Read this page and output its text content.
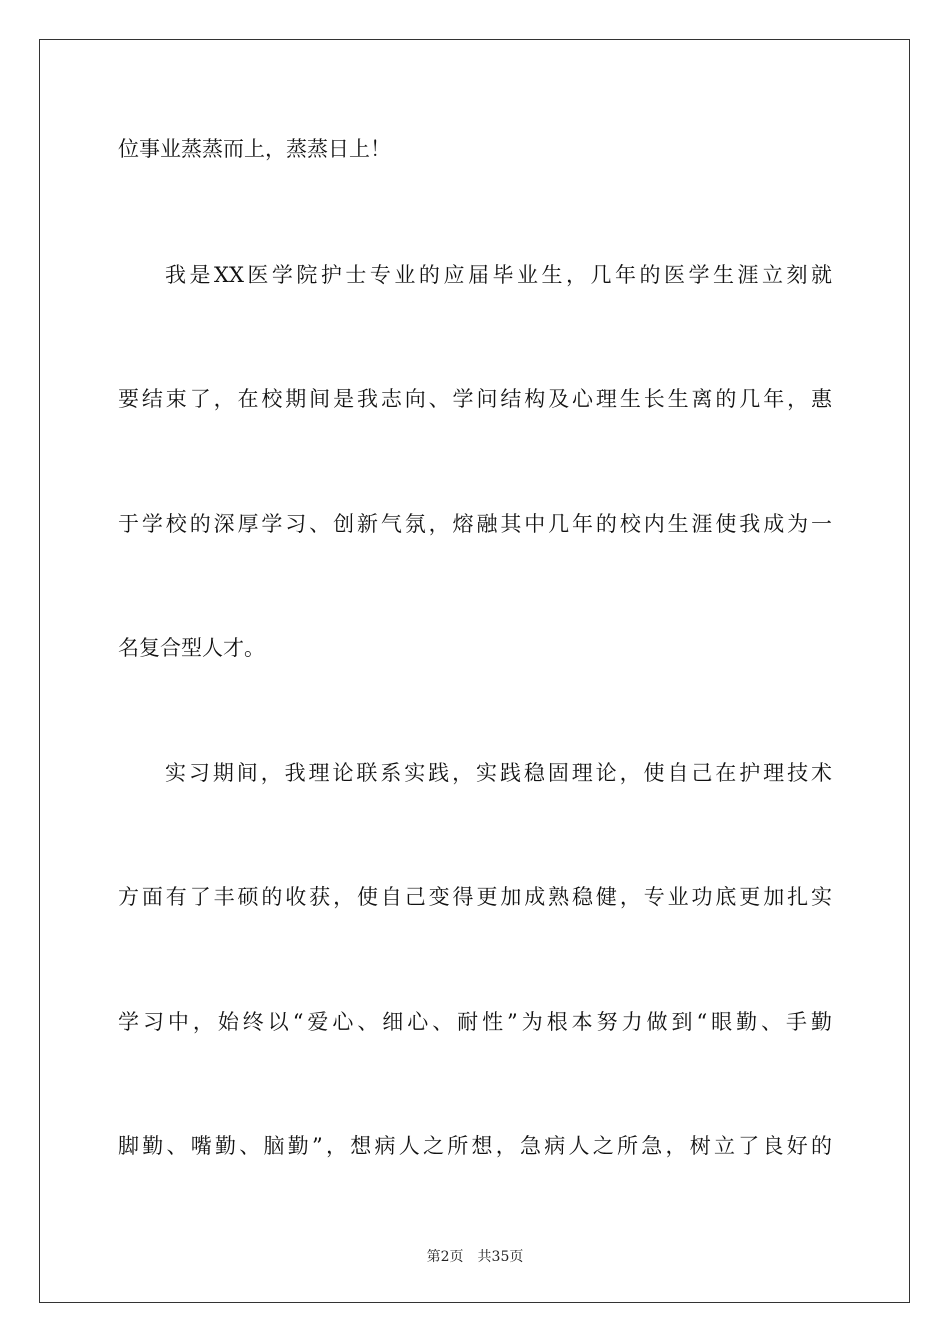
位事业蒸蒸而上，蒸蒸日上！
我是XX医学院护士专业的应届毕业生，几年的医学生涯立刻就
要结束了，在校期间是我志向、学问结构及心理生长生离的几年，惠
于学校的深厚学习、创新气氛，熔融其中几年的校内生涯使我成为一
名复合型人才。
实习期间，我理论联系实践，实践稳固理论，使自己在护理技术
方面有了丰硕的收获，使自己变得更加成熟稳健，专业功底更加扎实
学习中，始终以“爱心、细心、耐性”为根本努力做到“眼勤、手勤
脚勤、嘴勤、脑勤”，想病人之所想，急病人之所急，树立了良好的
第2页　共35页
